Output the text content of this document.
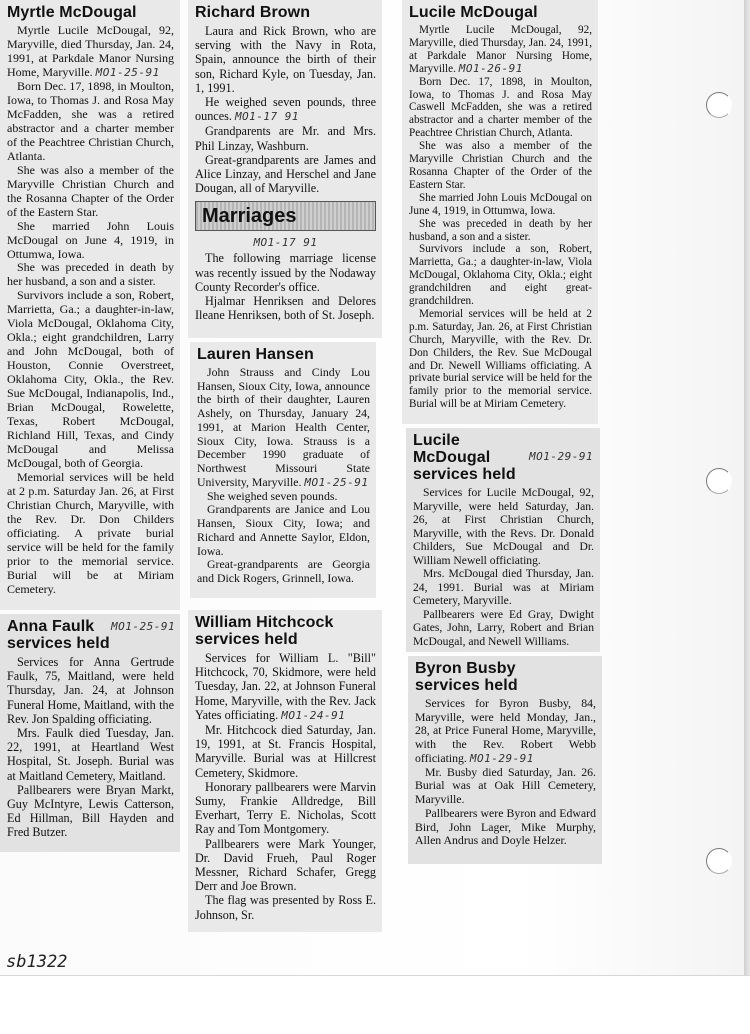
Myrtle McDougal

Myrtle Lucile McDougal, 92, Maryville, died Thursday, Jan. 24, 1991, at Parkdale Manor Nursing Home, Maryville. MO1-25-91

Born Dec. 17, 1898, in Moulton, Iowa, to Thomas J. and Rosa May McFadden, she was a retired abstractor and a charter member of the Peachtree Christian Church, Atlanta.

She was also a member of the Maryville Christian Church and the Rosanna Chapter of the Order of the Eastern Star.

She married John Louis McDougal on June 4, 1919, in Ottumwa, Iowa.

She was preceded in death by her husband, a son and a sister.

Survivors include a son, Robert, Marrietta, Ga.; a daughter-in-law, Viola McDougal, Oklahoma City, Okla.; eight grandchildren, Larry and John McDougal, both of Houston, Connie Overstreet, Oklahoma City, Okla., the Rev. Sue McDougal, Indianapolis, Ind., Brian McDougal, Rowelette, Texas, Robert McDougal, Richland Hill, Texas, and Cindy McDougal and Melissa McDougal, both of Georgia.

Memorial services will be held at 2 p.m. Saturday Jan. 26, at First Christian Church, Maryville, with the Rev. Dr. Don Childers officiating. A private burial service will be held for the family prior to the memorial service. Burial will be at Miriam Cemetery.

Anna Faulk services held
MO1-25-91

Services for Anna Gertrude Faulk, 75, Maitland, were held Thursday, Jan. 24, at Johnson Funeral Home, Maitland, with the Rev. Jon Spalding officiating.

Mrs. Faulk died Tuesday, Jan. 22, 1991, at Heartland West Hospital, St. Joseph. Burial was at Maitland Cemetery, Maitland.

Pallbearers were Bryan Markt, Guy McIntyre, Lewis Catterson, Ed Hillman, Bill Hayden and Fred Butzer.

Richard Brown

Laura and Rick Brown, who are serving with the Navy in Rota, Spain, announce the birth of their son, Richard Kyle, on Tuesday, Jan. 1, 1991.

He weighed seven pounds, three ounces. MO1-17 91

Grandparents are Mr. and Mrs. Phil Linzay, Washburn.

Great-grandparents are James and Alice Linzay, and Herschel and Jane Dougan, all of Maryville.

Marriages
MO1-17 91

The following marriage license was recently issued by the Nodaway County Recorder's office.

Hjalmar Henriksen and Delores Ileane Henriksen, both of St. Joseph.

Lauren Hansen

John Strauss and Cindy Lou Hansen, Sioux City, Iowa, announce the birth of their daughter, Lauren Ashely, on Thursday, January 24, 1991, at Marion Health Center, Sioux City, Iowa. Strauss is a December 1990 graduate of Northwest Missouri State University, Maryville. MO1-25-91

She weighed seven pounds.

Grandparents are Janice and Lou Hansen, Sioux City, Iowa; and Richard and Annette Saylor, Eldon, Iowa.

Great-grandparents are Georgia and Dick Rogers, Grinnell, Iowa.

William Hitchcock services held

Services for William L. "Bill" Hitchcock, 70, Skidmore, were held Tuesday, Jan. 22, at Johnson Funeral Home, Maryville, with the Rev. Jack Yates officiating. MO1-24-91

Mr. Hitchcock died Saturday, Jan. 19, 1991, at St. Francis Hospital, Maryville. Burial was at Hillcrest Cemetery, Skidmore.

Honorary pallbearers were Marvin Sumy, Frankie Alldredge, Bill Everhart, Terry E. Nicholas, Scott Ray and Tom Montgomery.

Pallbearers were Mark Younger, Dr. David Frueh, Paul Roger Messner, Richard Schafer, Gregg Derr and Joe Brown.

The flag was presented by Ross E. Johnson, Sr.

Lucile McDougal

Myrtle Lucile McDougal, 92, Maryville, died Thursday, Jan. 24, 1991, at Parkdale Manor Nursing Home, Maryville. MO1-26-91

Born Dec. 17, 1898, in Moulton, Iowa, to Thomas J. and Rosa May Caswell McFadden, she was a retired abstractor and a charter member of the Peachtree Christian Church, Atlanta.

She was also a member of the Maryville Christian Church and the Rosanna Chapter of the Order of the Eastern Star.

She married John Louis McDougal on June 4, 1919, in Ottumwa, Iowa.

She was preceded in death by her husband, a son and a sister.

Survivors include a son, Robert, Marrietta, Ga.; a daughter-in-law, Viola McDougal, Oklahoma City, Okla.; eight grandchildren and eight great-grandchildren.

Memorial services will be held at 2 p.m. Saturday, Jan. 26, at First Christian Church, Maryville, with the Rev. Dr. Don Childers, the Rev. Sue McDougal and Dr. Newell Williams officiating. A private burial service will be held for the family prior to the memorial service. Burial will be at Miriam Cemetery.

Lucile McDougal services held
MO1-29-91

Services for Lucile McDougal, 92, Maryville, were held Saturday, Jan. 26, at First Christian Church, Maryville, with the Revs. Dr. Donald Childers, Sue McDougal and Dr. William Newell officiating.

Mrs. McDougal died Thursday, Jan. 24, 1991. Burial was at Miriam Cemetery, Maryville.

Pallbearers were Ed Gray, Dwight Gates, John, Larry, Robert and Brian McDougal, and Newell Williams.

Byron Busby services held

Services for Byron Busby, 84, Maryville, were held Monday, Jan., 28, at Price Funeral Home, Maryville, with the Rev. Robert Webb officiating. MO1-29-91

Mr. Busby died Saturday, Jan. 26. Burial was at Oak Hill Cemetery, Maryville.

Pallbearers were Byron and Edward Bird, John Lager, Mike Murphy, Allen Andrus and Doyle Helzer.

sb1322
